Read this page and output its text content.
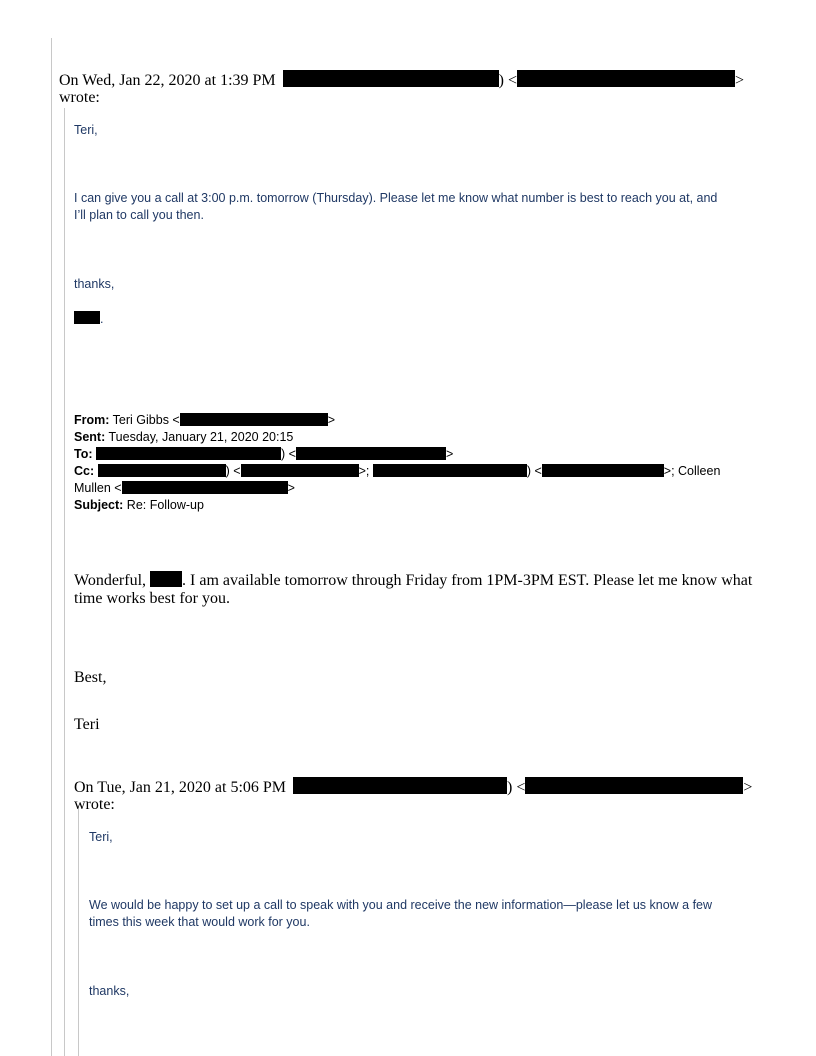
On Wed, Jan 22, 2020 at 1:39 PM	) <	>
wrote:
Teri,
I can give you a call at 3:00 p.m. tomorrow (Thursday). Please let me know what number is best to reach you at, and
I’ll plan to call you then.
thanks,
.
From: Teri Gibbs <	>
Sent: Tuesday, January 21, 2020 20:15
To:	) <	>
Cc:	) <	>;	) <	>; Colleen
Mullen <	>
Subject: Re: Follow-up
Wonderful, . I am available tomorrow through Friday from 1PM-3PM EST. Please let me know what
time works best for you.
Best,
Teri
On Tue, Jan 21, 2020 at 5:06 PM	) <	>
wrote:
Teri,
We would be happy to set up a call to speak with you and receive the new information—please let us know a few
times this week that would work for you.
thanks,
